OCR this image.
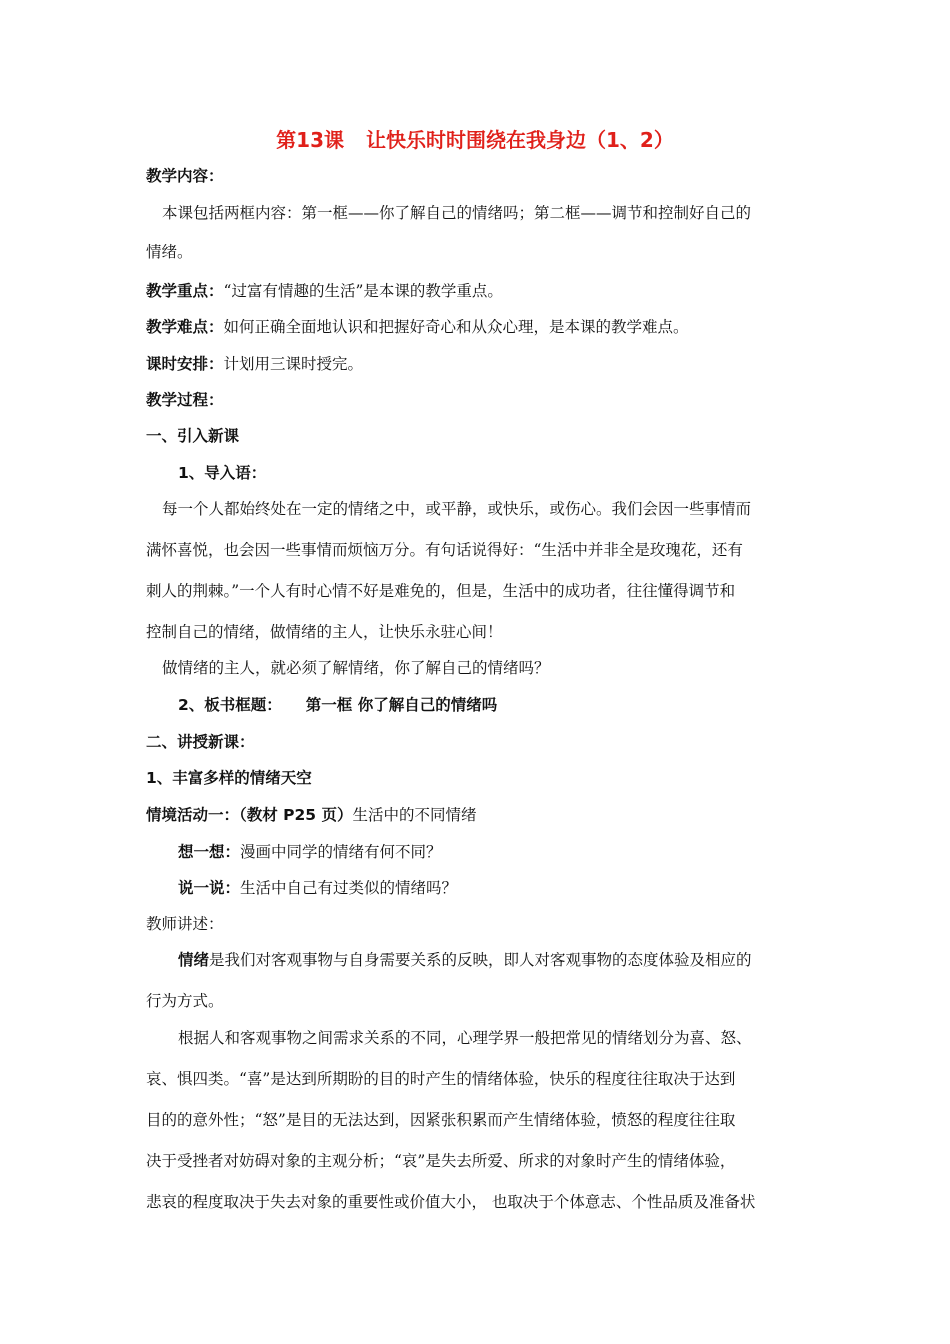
第13课 让快乐时时围绕在我身边（1、2）
教学内容：
本课包括两框内容：第一框——你了解自己的情绪吗；第二框——调节和控制好自己的
情绪。
教学重点：“过富有情趣的生活”是本课的教学重点。
教学难点：如何正确全面地认识和把握好奇心和从众心理，是本课的教学难点。
课时安排：计划用三课时授完。
教学过程：
一、引入新课
1、导入语：
每一个人都始终处在一定的情绪之中，或平静，或快乐，或伤心。我们会因一些事情而
满怀喜悦，也会因一些事情而烦恼万分。有句话说得好：“生活中并非全是玫瑰花，还有
刺人的荆棘。”一个人有时心情不好是难免的，但是，生活中的成功者，往往懂得调节和
控制自己的情绪，做情绪的主人，让快乐永驻心间！
做情绪的主人，就必须了解情绪，你了解自己的情绪吗？
2、板书框题： 第一框 你了解自己的情绪吗
二、讲授新课：
1、丰富多样的情绪天空
情境活动一：（教材 P25 页）生活中的不同情绪
想一想：漫画中同学的情绪有何不同？
说一说：生活中自己有过类似的情绪吗？
教师讲述：
情绪是我们对客观事物与自身需要关系的反映，即人对客观事物的态度体验及相应的
行为方式。
根据人和客观事物之间需求关系的不同，心理学界一般把常见的情绪划分为喜、怒、
哀、惧四类。“喜”是达到所期盼的目的时产生的情绪体验，快乐的程度往往取决于达到
目的的意外性；“怒”是目的无法达到，因紧张积累而产生情绪体验，愤怒的程度往往取
决于受挫者对妨碍对象的主观分析；“哀”是失去所爱、所求的对象时产生的情绪体验，
悲哀的程度取决于失去对象的重要性或价值大小， 也取决于个体意志、个性品质及准备状
